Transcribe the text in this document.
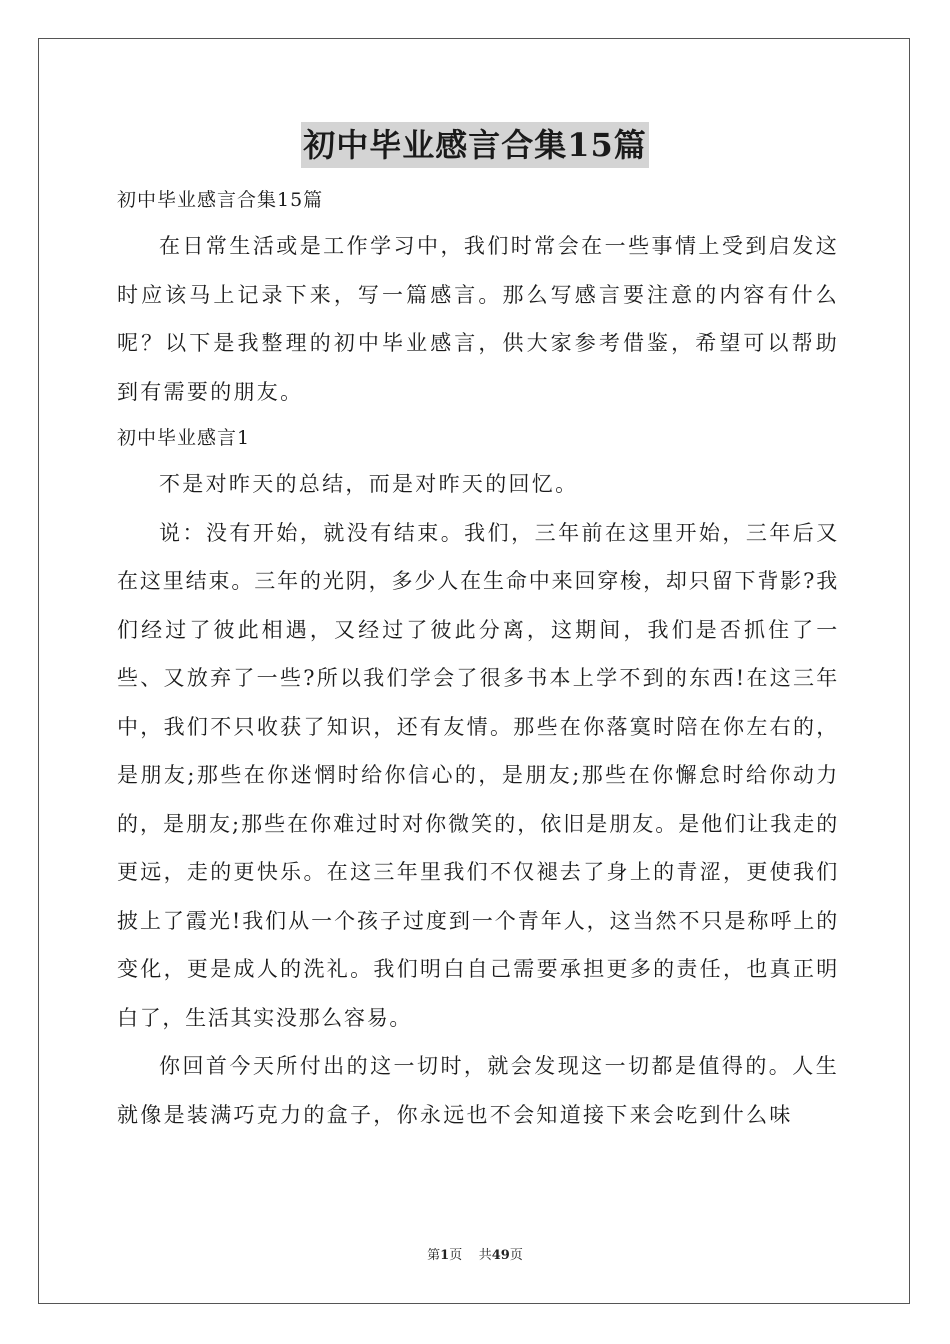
初中毕业感言合集15篇

初中毕业感言合集15篇

在日常生活或是工作学习中，我们时常会在一些事情上受到启发这时应该马上记录下来，写一篇感言。那么写感言要注意的内容有什么呢？以下是我整理的初中毕业感言，供大家参考借鉴，希望可以帮助到有需要的朋友。

初中毕业感言1

不是对昨天的总结，而是对昨天的回忆。

说：没有开始，就没有结束。我们，三年前在这里开始，三年后又在这里结束。三年的光阴，多少人在生命中来回穿梭，却只留下背影?我们经过了彼此相遇，又经过了彼此分离，这期间，我们是否抓住了一些、又放弃了一些?所以我们学会了很多书本上学不到的东西!在这三年中，我们不只收获了知识，还有友情。那些在你落寞时陪在你左右的，是朋友;那些在你迷惘时给你信心的，是朋友;那些在你懈怠时给你动力的，是朋友;那些在你难过时对你微笑的，依旧是朋友。是他们让我走的更远，走的更快乐。在这三年里我们不仅褪去了身上的青涩，更使我们披上了霞光!我们从一个孩子过度到一个青年人，这当然不只是称呼上的变化，更是成人的洗礼。我们明白自己需要承担更多的责任，也真正明白了，生活其实没那么容易。

你回首今天所付出的这一切时，就会发现这一切都是值得的。人生就像是装满巧克力的盒子，你永远也不会知道接下来会吃到什么味

第1页 共49页
